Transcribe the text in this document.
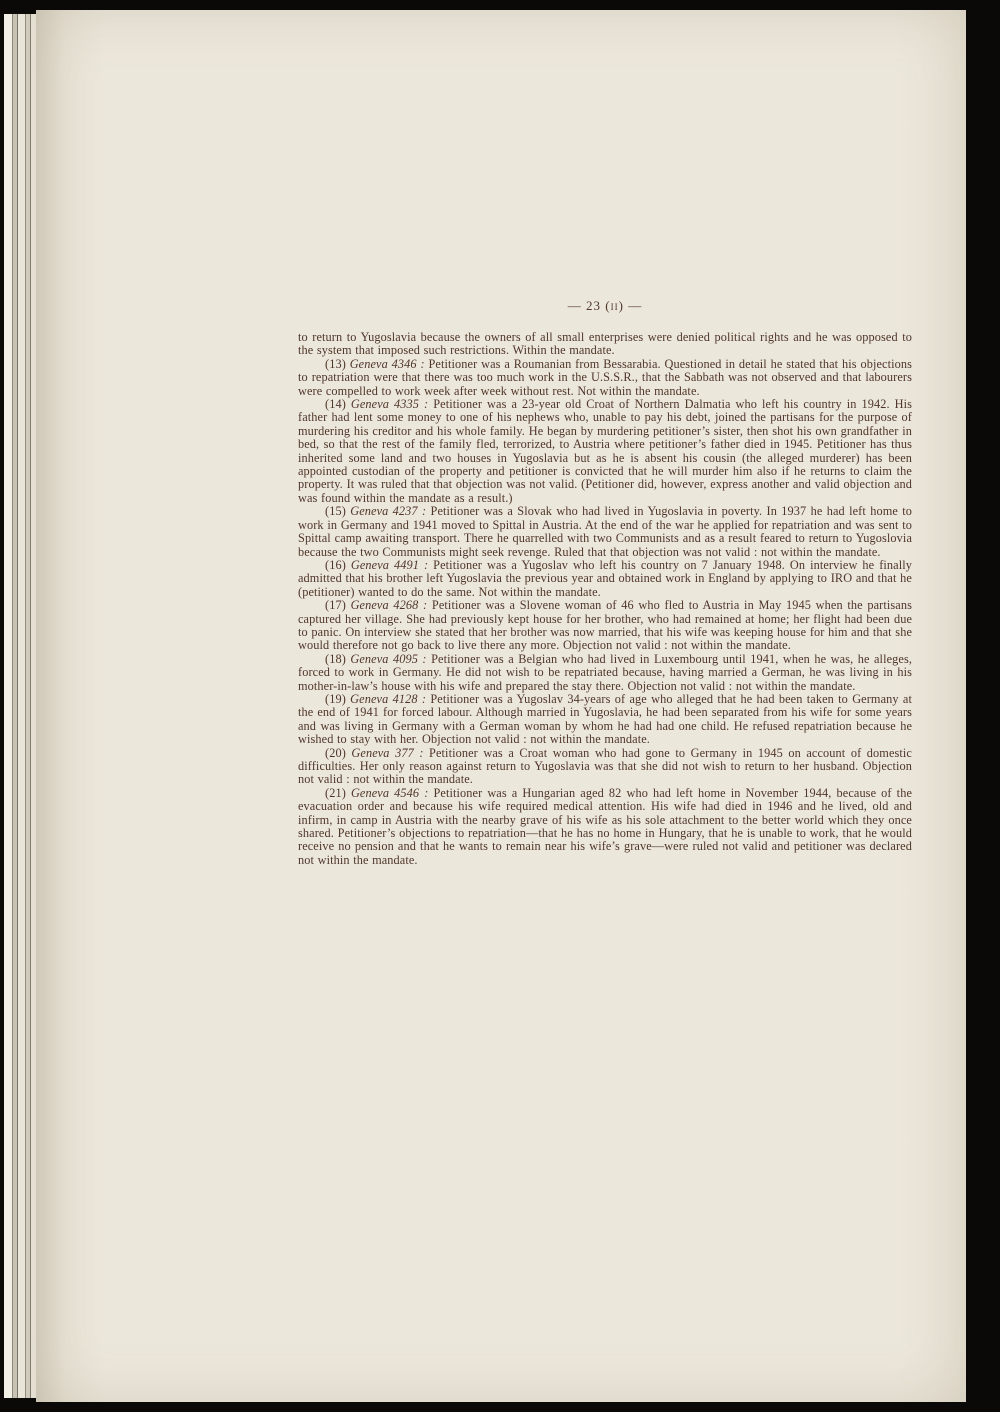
— 23 (ii) —

to return to Yugoslavia because the owners of all small enterprises were denied political rights and he was opposed to the system that imposed such restrictions. Within the mandate.

(13) Geneva 4346 : Petitioner was a Roumanian from Bessarabia. Questioned in detail he stated that his objections to repatriation were that there was too much work in the U.S.S.R., that the Sabbath was not observed and that labourers were compelled to work week after week without rest. Not within the mandate.

(14) Geneva 4335 : Petitioner was a 23-year old Croat of Northern Dalmatia who left his country in 1942. His father had lent some money to one of his nephews who, unable to pay his debt, joined the partisans for the purpose of murdering his creditor and his whole family. He began by murdering petitioner’s sister, then shot his own grandfather in bed, so that the rest of the family fled, terrorized, to Austria where petitioner’s father died in 1945. Petitioner has thus inherited some land and two houses in Yugoslavia but as he is absent his cousin (the alleged murderer) has been appointed custodian of the property and petitioner is convicted that he will murder him also if he returns to claim the property. It was ruled that that objection was not valid. (Petitioner did, however, express another and valid objection and was found within the mandate as a result.)

(15) Geneva 4237 : Petitioner was a Slovak who had lived in Yugoslavia in poverty. In 1937 he had left home to work in Germany and 1941 moved to Spittal in Austria. At the end of the war he applied for repatriation and was sent to Spittal camp awaiting transport. There he quarrelled with two Communists and as a result feared to return to Yugoslovia because the two Communists might seek revenge. Ruled that that objection was not valid : not within the mandate.

(16) Geneva 4491 : Petitioner was a Yugoslav who left his country on 7 January 1948. On interview he finally admitted that his brother left Yugoslavia the previous year and obtained work in England by applying to IRO and that he (petitioner) wanted to do the same. Not within the mandate.

(17) Geneva 4268 : Petitioner was a Slovene woman of 46 who fled to Austria in May 1945 when the partisans captured her village. She had previously kept house for her brother, who had remained at home; her flight had been due to panic. On interview she stated that her brother was now married, that his wife was keeping house for him and that she would therefore not go back to live there any more. Objection not valid : not within the mandate.

(18) Geneva 4095 : Petitioner was a Belgian who had lived in Luxembourg until 1941, when he was, he alleges, forced to work in Germany. He did not wish to be repatriated because, having married a German, he was living in his mother-in-law’s house with his wife and prepared the stay there. Objection not valid : not within the mandate.

(19) Geneva 4128 : Petitioner was a Yugoslav 34-years of age who alleged that he had been taken to Germany at the end of 1941 for forced labour. Although married in Yugoslavia, he had been separated from his wife for some years and was living in Germany with a German woman by whom he had had one child. He refused repatriation because he wished to stay with her. Objection not valid : not within the mandate.

(20) Geneva 377 : Petitioner was a Croat woman who had gone to Germany in 1945 on account of domestic difficulties. Her only reason against return to Yugoslavia was that she did not wish to return to her husband. Objection not valid : not within the mandate.

(21) Geneva 4546 : Petitioner was a Hungarian aged 82 who had left home in November 1944, because of the evacuation order and because his wife required medical attention. His wife had died in 1946 and he lived, old and infirm, in camp in Austria with the nearby grave of his wife as his sole attachment to the better world which they once shared. Petitioner’s objections to repatriation—that he has no home in Hungary, that he is unable to work, that he would receive no pension and that he wants to remain near his wife’s grave—were ruled not valid and petitioner was declared not within the mandate.
